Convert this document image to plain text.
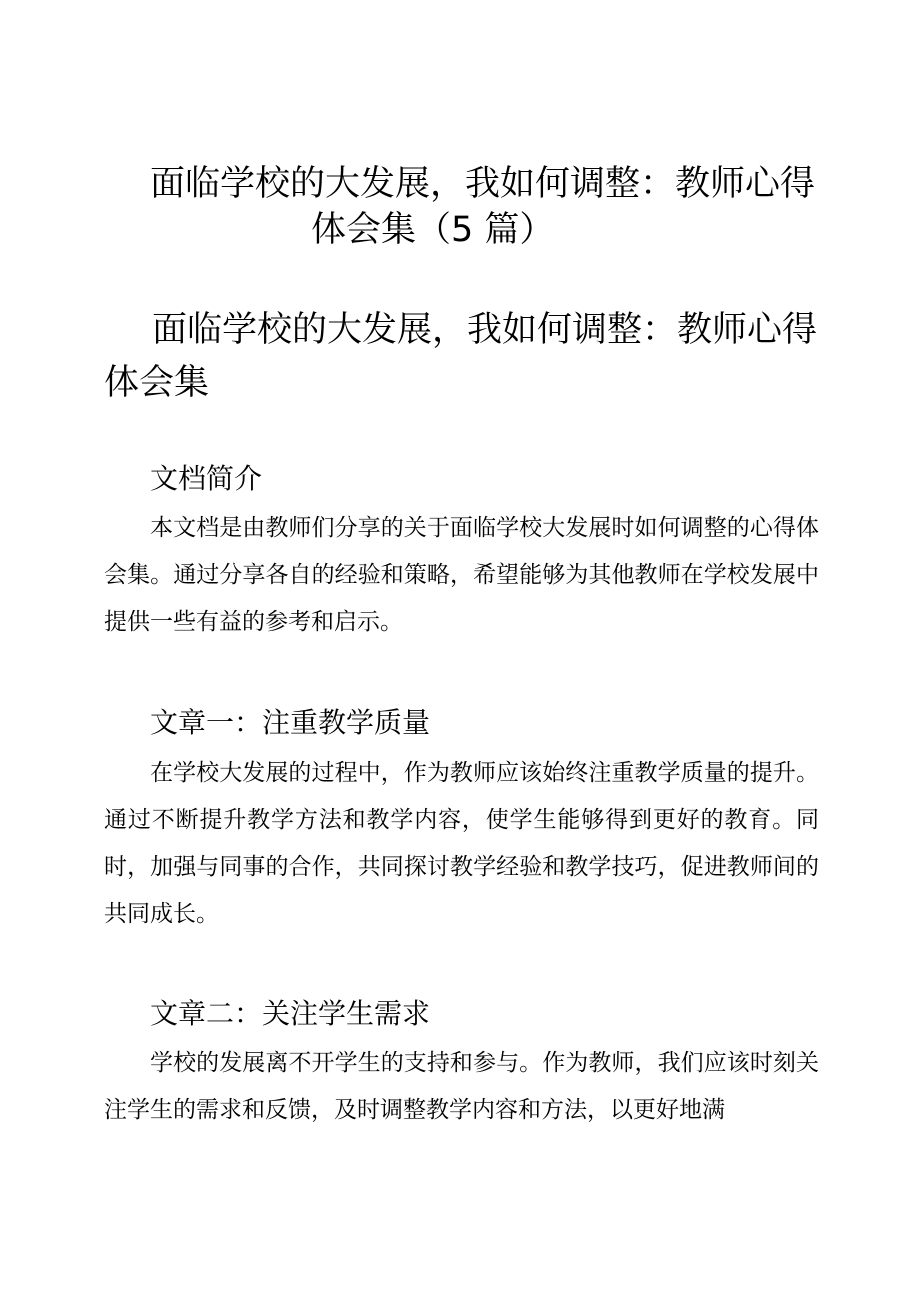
面临学校的大发展，我如何调整：教师心得
体会集（5 篇）
面临学校的大发展，我如何调整：教师心得体会集
文档简介

本文档是由教师们分享的关于面临学校大发展时如何调整的心得体会集。通过分享各自的经验和策略，希望能够为其他教师在学校发展中提供一些有益的参考和启示。

文章一：注重教学质量

在学校大发展的过程中，作为教师应该始终注重教学质量的提升。通过不断提升教学方法和教学内容，使学生能够得到更好的教育。同时，加强与同事的合作，共同探讨教学经验和教学技巧，促进教师间的共同成长。

文章二：关注学生需求

学校的发展离不开学生的支持和参与。作为教师，我们应该时刻关注学生的需求和反馈，及时调整教学内容和方法，以更好地满
